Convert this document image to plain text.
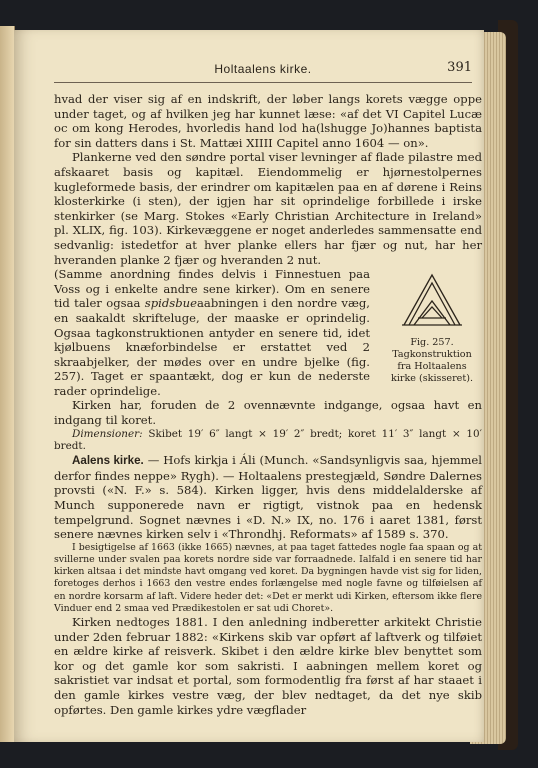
Holtaalens kirke.	391

hvad der viser sig af en indskrift, der løber langs korets vægge oppe under taget, og af hvilken jeg har kunnet læse: «af det VI Capitel Lucæ oc om kong Herodes, hvorledis hand lod ha(lshugge Jo)hannes baptista for sin datters dans i St. Mattæi XIIII Capitel anno 1604 — on».

Plankerne ved den søndre portal viser levninger af flade pilastre med afskaaret basis og kapitæl. Eiendommelig er hjørnestolpernes kugleformede basis, der erindrer om kapitælen paa en af dørene i Reins klosterkirke (i sten), der igjen har sit oprindelige forbillede i irske stenkirker (se Marg. Stokes «Early Christian Architecture in Ireland» pl. XLIX, fig. 103). Kirkevæggene er noget anderledes sammensatte end sedvanlig: istedetfor at hver planke ellers har fjær og nut, har her hveranden planke 2 fjær og hveranden 2 nut.

Fig. 257.
Tagkonstruktion
fra Holtaalens
kirke (skisseret).

(Samme anordning findes delvis i Finnestuen paa Voss og i enkelte andre sene kirker). Om en senere tid taler ogsaa spidsbueaabningen i den nordre væg, en saakaldt skrifteluge, der maaske er oprindelig. Ogsaa tagkonstruktionen antyder en senere tid, idet kjølbuens knæforbindelse er erstattet ved 2 skraabjelker, der mødes over en undre bjelke (fig. 257). Taget er spaantækt, dog er kun de nederste rader oprindelige.

Kirken har, foruden de 2 ovennævnte indgange, ogsaa havt en indgang til koret.

Dimensioner: Skibet 19′ 6″ langt × 19′ 2″ bredt; koret 11′ 3″ langt × 10′ bredt.

Aalens kirke. — Hofs kirkja i Áli (Munch. «Sandsynligvis saa, hjemmel derfor findes neppe» Rygh). — Holtaalens prestegjæld, Søndre Dalernes provsti («N. F.» s. 584). Kirken ligger, hvis dens middelalderske af Munch supponerede navn er rigtigt, vistnok paa en hedensk tempelgrund. Sognet nævnes i «D. N.» IX, no. 176 i aaret 1381, først senere nævnes kirken selv i «Throndhj. Reformats» af 1589 s. 370.

I besigtigelse af 1663 (ikke 1665) nævnes, at paa taget fattedes nogle faa spaan og at svillerne under svalen paa korets nordre side var forraadnede. Ialfald i en senere tid har kirken altsaa i det mindste havt omgang ved koret. Da bygningen havde vist sig for liden, foretoges derhos i 1663 den vestre endes forlængelse med nogle favne og tilføielsen af en nordre korsarm af laft. Videre heder det: «Det er merkt udi Kirken, eftersom ikke flere Vinduer end 2 smaa ved Prædikestolen er sat udi Choret».

Kirken nedtoges 1881. I den anledning indberetter arkitekt Christie under 2den februar 1882: «Kirkens skib var opført af laftverk og tilføiet en ældre kirke af reisverk. Skibet i den ældre kirke blev benyttet som kor og det gamle kor som sakristi. I aabningen mellem koret og sakristiet var indsat et portal, som formodentlig fra først af har staaet i den gamle kirkes vestre væg, der blev nedtaget, da det nye skib opførtes. Den gamle kirkes ydre vægflader
